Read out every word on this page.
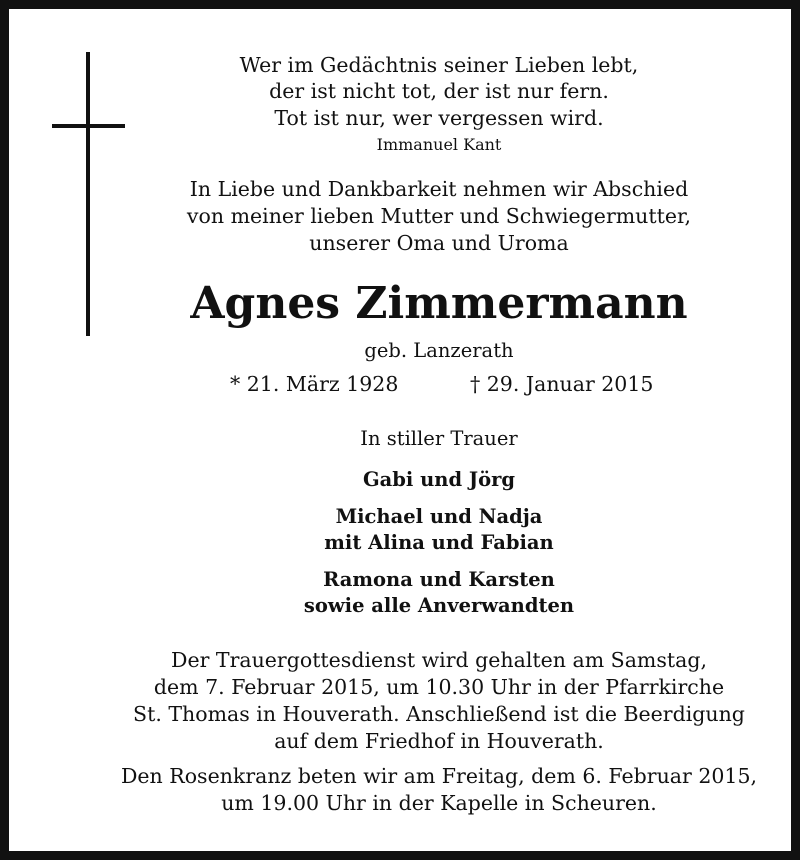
Wer im Gedächtnis seiner Lieben lebt,
der ist nicht tot, der ist nur fern.
Tot ist nur, wer vergessen wird.
Immanuel Kant
In Liebe und Dankbarkeit nehmen wir Abschied
von meiner lieben Mutter und Schwiegermutter,
unserer Oma und Uroma
Agnes Zimmermann
geb. Lanzerath
* 21. März 1928	† 29. Januar 2015
In stiller Trauer
Gabi und Jörg
Michael und Nadja
mit Alina und Fabian
Ramona und Karsten
sowie alle Anverwandten
Der Trauergottesdienst wird gehalten am Samstag,
dem 7. Februar 2015, um 10.30 Uhr in der Pfarrkirche
St. Thomas in Houverath. Anschließend ist die Beerdigung
auf dem Friedhof in Houverath.
Den Rosenkranz beten wir am Freitag, dem 6. Februar 2015,
um 19.00 Uhr in der Kapelle in Scheuren.
